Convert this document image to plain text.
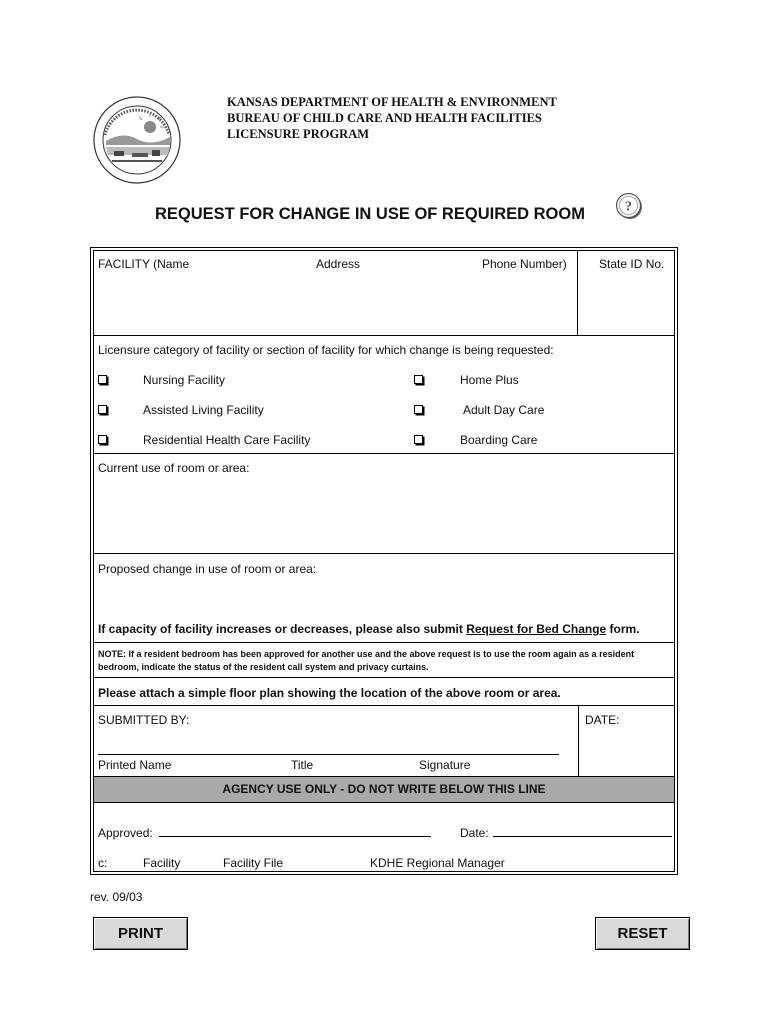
KANSAS DEPARTMENT OF HEALTH & ENVIRONMENT
BUREAU OF CHILD CARE AND HEALTH FACILITIES
LICENSURE PROGRAM
REQUEST FOR CHANGE IN USE OF REQUIRED ROOM	?
FACILITY (Name	Address	Phone Number)	State ID No.
Licensure category of facility or section of facility for which change is being requested:
Nursing Facility	Home Plus
Assisted Living Facility	Adult Day Care
Residential Health Care Facility	Boarding Care
Current use of room or area:
Proposed change in use of room or area:
If capacity of facility increases or decreases, please also submit Request for Bed Change form.
NOTE: If a resident bedroom has been approved for another use and the above request is to use the room again as a resident bedroom, indicate the status of the resident call system and privacy curtains.
Please attach a simple floor plan showing the location of the above room or area.
SUBMITTED BY:	DATE:
Printed Name	Title	Signature
AGENCY USE ONLY - DO NOT WRITE BELOW THIS LINE
Approved:	Date:
c:	Facility	Facility File	KDHE Regional Manager
rev. 09/03
PRINT	RESET
